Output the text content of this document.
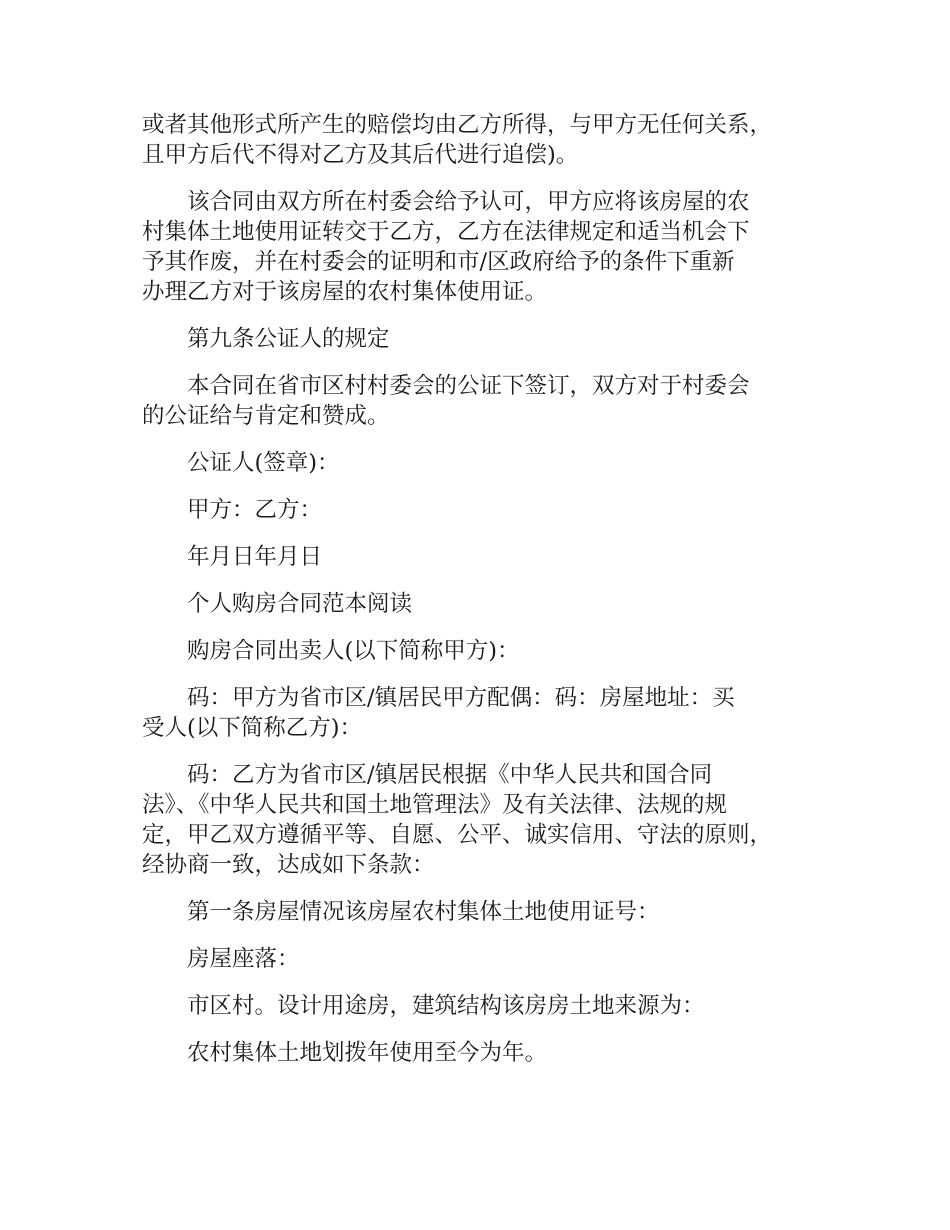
或者其他形式所产生的赔偿均由乙方所得，与甲方无任何关系，
且甲方后代不得对乙方及其后代进行追偿)。
该合同由双方所在村委会给予认可，甲方应将该房屋的农
村集体土地使用证转交于乙方，乙方在法律规定和适当机会下
予其作废，并在村委会的证明和市/区政府给予的条件下重新
办理乙方对于该房屋的农村集体使用证。
第九条公证人的规定
本合同在省市区村村委会的公证下签订，双方对于村委会
的公证给与肯定和赞成。
公证人(签章)：
甲方：乙方：
年月日年月日
个人购房合同范本阅读
购房合同出卖人(以下简称甲方)：
码：甲方为省市区/镇居民甲方配偶：码：房屋地址：买
受人(以下简称乙方)：
码：乙方为省市区/镇居民根据《中华人民共和国合同
法》、《中华人民共和国土地管理法》及有关法律、法规的规
定，甲乙双方遵循平等、自愿、公平、诚实信用、守法的原则，
经协商一致，达成如下条款：
第一条房屋情况该房屋农村集体土地使用证号：
房屋座落：
市区村。设计用途房，建筑结构该房房土地来源为：
农村集体土地划拨年使用至今为年。
